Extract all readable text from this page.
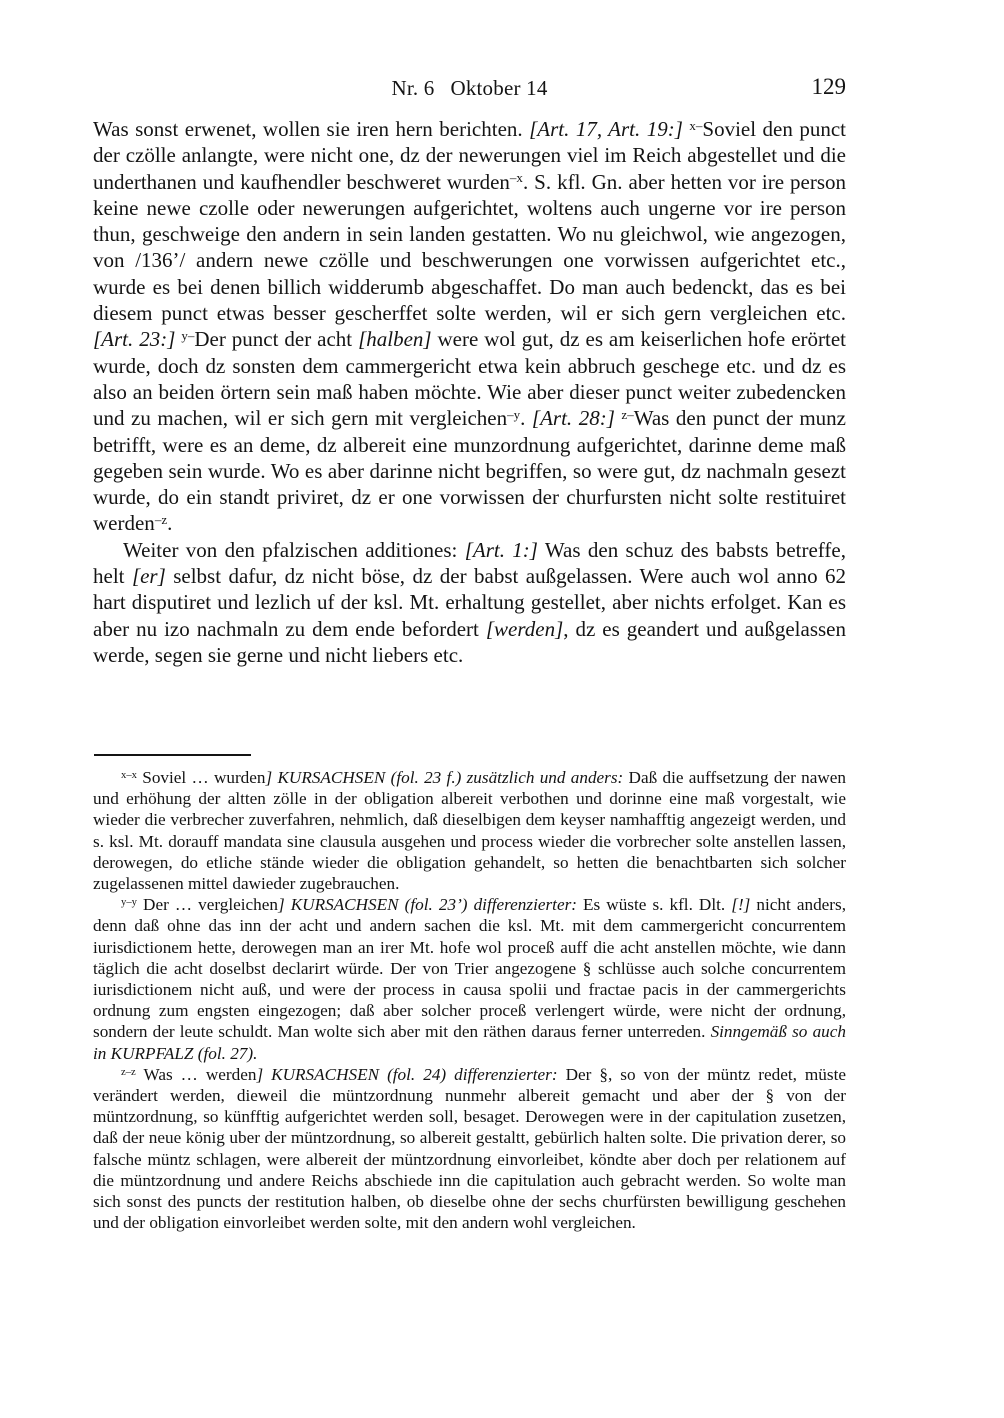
Nr. 6 Oktober 14	129

Was sonst erwenet, wollen sie iren hern berichten. [Art. 17, Art. 19:] $^{x-}$Soviel den punct der czölle anlangte, were nicht one, dz der newerungen viel im Reich abgestellet und die underthanen und kaufhendler beschweret wurden$^{-x}$. S. kfl. Gn. aber hetten vor ire person keine newe czolle oder newerungen aufgerichtet, woltens auch ungerne vor ire person thun, geschweige den andern in sein landen gestatten. Wo nu gleichwol, wie angezogen, von /136’/ andern newe czölle und beschwerungen one vorwissen aufgerichtet etc., wurde es bei denen billich widderumb abgeschaffet. Do man auch bedenckt, das es bei diesem punct etwas besser gescherffet solte werden, wil er sich gern vergleichen etc. [Art. 23:] $^{y-}$Der punct der acht [halben] were wol gut, dz es am keiserlichen hofe erörtet wurde, doch dz sonsten dem cammergericht etwa kein abbruch geschege etc. und dz es also an beiden örtern sein maß haben möchte. Wie aber dieser punct weiter zubedencken und zu machen, wil er sich gern mit vergleichen$^{-y}$. [Art. 28:] $^{z-}$Was den punct der munz betrifft, were es an deme, dz albereit eine munzordnung aufgerichtet, darinne deme maß gegeben sein wurde. Wo es aber darinne nicht begriffen, so were gut, dz nachmaln gesezt wurde, do ein standt priviret, dz er one vorwissen der churfursten nicht solte restituiret werden$^{-z}$.

Weiter von den pfalzischen additiones: [Art. 1:] Was den schuz des babsts betreffe, helt [er] selbst dafur, dz nicht böse, dz der babst außgelassen. Were auch wol anno 62 hart disputiret und lezlich uf der ksl. Mt. erhaltung gestellet, aber nichts erfolget. Kan es aber nu izo nachmaln zu dem ende befordert [werden], dz es geandert und außgelassen werde, segen sie gerne und nicht liebers etc.

$^{x-x}$ Soviel … wurden] KURSACHSEN (fol. 23 f.) zusätzlich und anders: Daß die auffsetzung der nawen und erhöhung der altten zölle in der obligation albereit verbothen und dorinne eine maß vorgestalt, wie wieder die verbrecher zuverfahren, nehmlich, daß dieselbigen dem keyser namhafftig angezeigt werden, und s. ksl. Mt. dorauff mandata sine clausula ausgehen und process wieder die vorbrecher solte anstellen lassen, derowegen, do etliche stände wieder die obligation gehandelt, so hetten die benachtbarten sich solcher zugelassenen mittel dawieder zugebrauchen.

$^{y-y}$ Der … vergleichen] KURSACHSEN (fol. 23’) differenzierter: Es wüste s. kfl. Dlt. [!] nicht anders, denn daß ohne das inn der acht und andern sachen die ksl. Mt. mit dem cammergericht concurrentem iurisdictionem hette, derowegen man an irer Mt. hofe wol proceß auff die acht anstellen möchte, wie dann täglich die acht doselbst declarirt würde. Der von Trier angezogene § schlüsse auch solche concurrentem iurisdictionem nicht auß, und were der process in causa spolii und fractae pacis in der cammergerichts ordnung zum engsten eingezogen; daß aber solcher proceß verlengert würde, were nicht der ordnung, sondern der leute schuldt. Man wolte sich aber mit den räthen daraus ferner unterreden. Sinngemäß so auch in KURPFALZ (fol. 27).

$^{z-z}$ Was … werden] KURSACHSEN (fol. 24) differenzierter: Der §, so von der müntz redet, müste verändert werden, dieweil die müntzordnung nunmehr albereit gemacht und aber der § von der müntzordnung, so künfftig aufgerichtet werden soll, besaget. Derowegen were in der capitulation zusetzen, daß der neue könig uber der müntzordnung, so albereit gestaltt, gebürlich halten solte. Die privation derer, so falsche müntz schlagen, were albereit der müntzordnung einvorleibet, köndte aber doch per relationem auf die müntzordnung und andere Reichs abschiede inn die capitulation auch gebracht werden. So wolte man sich sonst des puncts der restitution halben, ob dieselbe ohne der sechs churfürsten bewilligung geschehen und der obligation einvorleibet werden solte, mit den andern wohl vergleichen.
